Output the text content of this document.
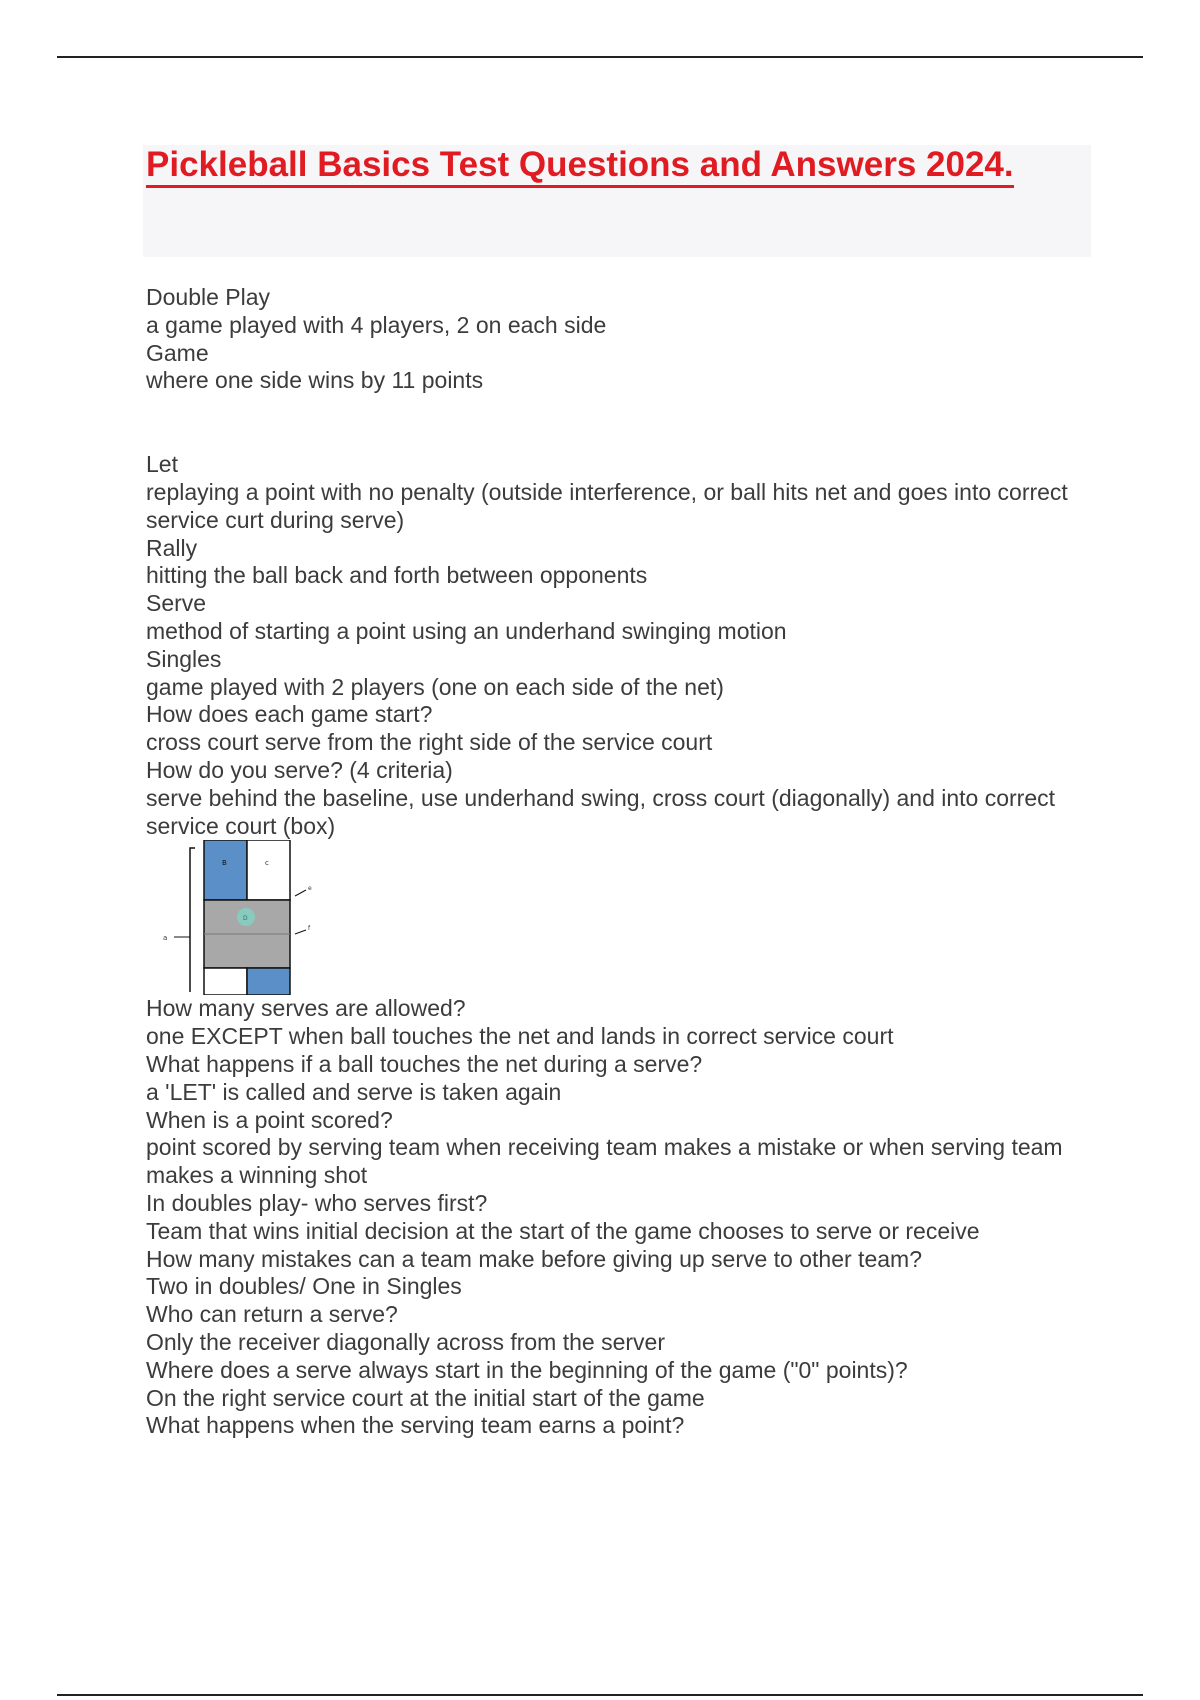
Pickleball Basics Test Questions and Answers 2024.
Double Play
a game played with 4 players, 2 on each side
Game
where one side wins by 11 points
Let
replaying a point with no penalty (outside interference, or ball hits net and goes into correct service curt during serve)
Rally
hitting the ball back and forth between opponents
Serve
method of starting a point using an underhand swinging motion
Singles
game played with 2 players (one on each side of the net)
How does each game start?
cross court serve from the right side of the service court
How do you serve? (4 criteria)
serve behind the baseline, use underhand swing, cross court (diagonally) and into correct service court (box)
a
B	c
D
e
f
How many serves are allowed?
one EXCEPT when ball touches the net and lands in correct service court
What happens if a ball touches the net during a serve?
a 'LET' is called and serve is taken again
When is a point scored?
point scored by serving team when receiving team makes a mistake or when serving team makes a winning shot
In doubles play- who serves first?
Team that wins initial decision at the start of the game chooses to serve or receive
How many mistakes can a team make before giving up serve to other team?
Two in doubles/ One in Singles
Who can return a serve?
Only the receiver diagonally across from the server
Where does a serve always start in the beginning of the game ("0" points)?
On the right service court at the initial start of the game
What happens when the serving team earns a point?
